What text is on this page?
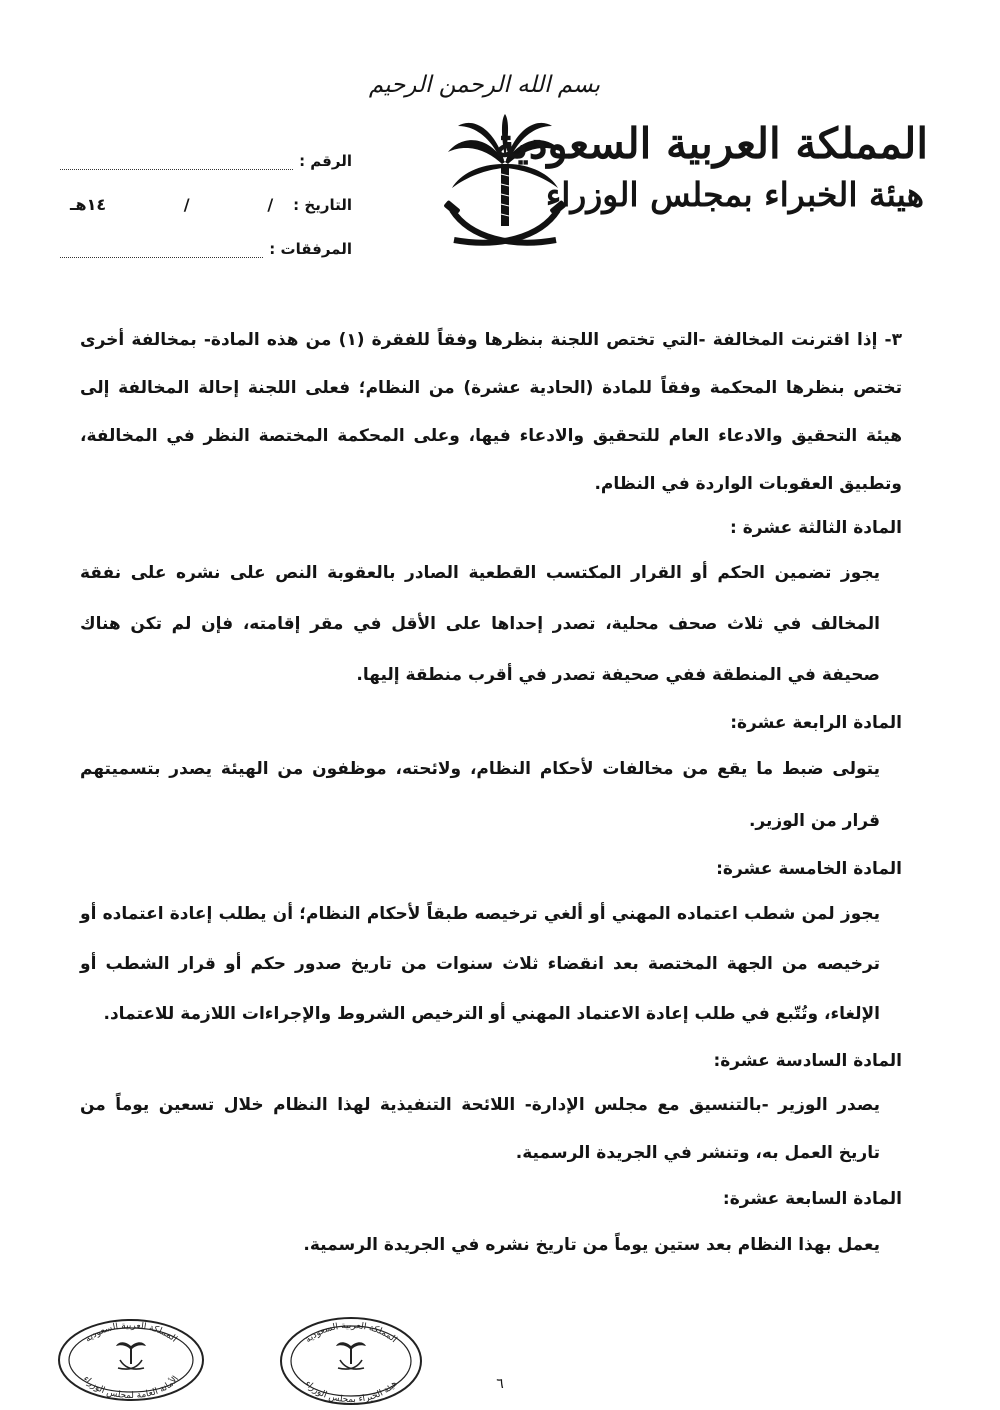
بسم الله الرحمن الرحيم
المملكة العربية السعودية
هيئة الخبراء بمجلس الوزراء
الرقم :
التاريخ :
/
/
١٤هـ
المرفقات :

٣- إذا اقترنت المخالفة -التي تختص اللجنة بنظرها وفقاً للفقرة (١) من هذه المادة- بمخالفة أخرى تختص بنظرها المحكمة وفقاً للمادة (الحادية عشرة) من النظام؛ فعلى اللجنة إحالة المخالفة إلى هيئة التحقيق والادعاء العام للتحقيق والادعاء فيها، وعلى المحكمة المختصة النظر في المخالفة، وتطبيق العقوبات الواردة في النظام.

المادة الثالثة عشرة :

يجوز تضمين الحكم أو القرار المكتسب القطعية الصادر بالعقوبة النص على نشره على نفقة المخالف في ثلاث صحف محلية، تصدر إحداها على الأقل في مقر إقامته، فإن لم تكن هناك صحيفة في المنطقة ففي صحيفة تصدر في أقرب منطقة إليها.

المادة الرابعة عشرة:

يتولى ضبط ما يقع من مخالفات لأحكام النظام، ولائحته، موظفون من الهيئة يصدر بتسميتهم قرار من الوزير.

المادة الخامسة عشرة:

يجوز لمن شطب اعتماده المهني أو ألغي ترخيصه طبقاً لأحكام النظام؛ أن يطلب إعادة اعتماده أو ترخيصه من الجهة المختصة بعد انقضاء ثلاث سنوات من تاريخ صدور حكم أو قرار الشطب أو الإلغاء، وتُتّبع في طلب إعادة الاعتماد المهني أو الترخيص الشروط والإجراءات اللازمة للاعتماد.

المادة السادسة عشرة:

يصدر الوزير -بالتنسيق مع مجلس الإدارة- اللائحة التنفيذية لهذا النظام خلال تسعين يوماً من تاريخ العمل به، وتنشر في الجريدة الرسمية.

المادة السابعة عشرة:

يعمل بهذا النظام بعد ستين يوماً من تاريخ نشره في الجريدة الرسمية.

المملكة العربية السعودية
الأمانة العامة لمجلس الوزراء
المملكة العربية السعودية
هيئة الخبراء بمجلس الوزراء	٦
